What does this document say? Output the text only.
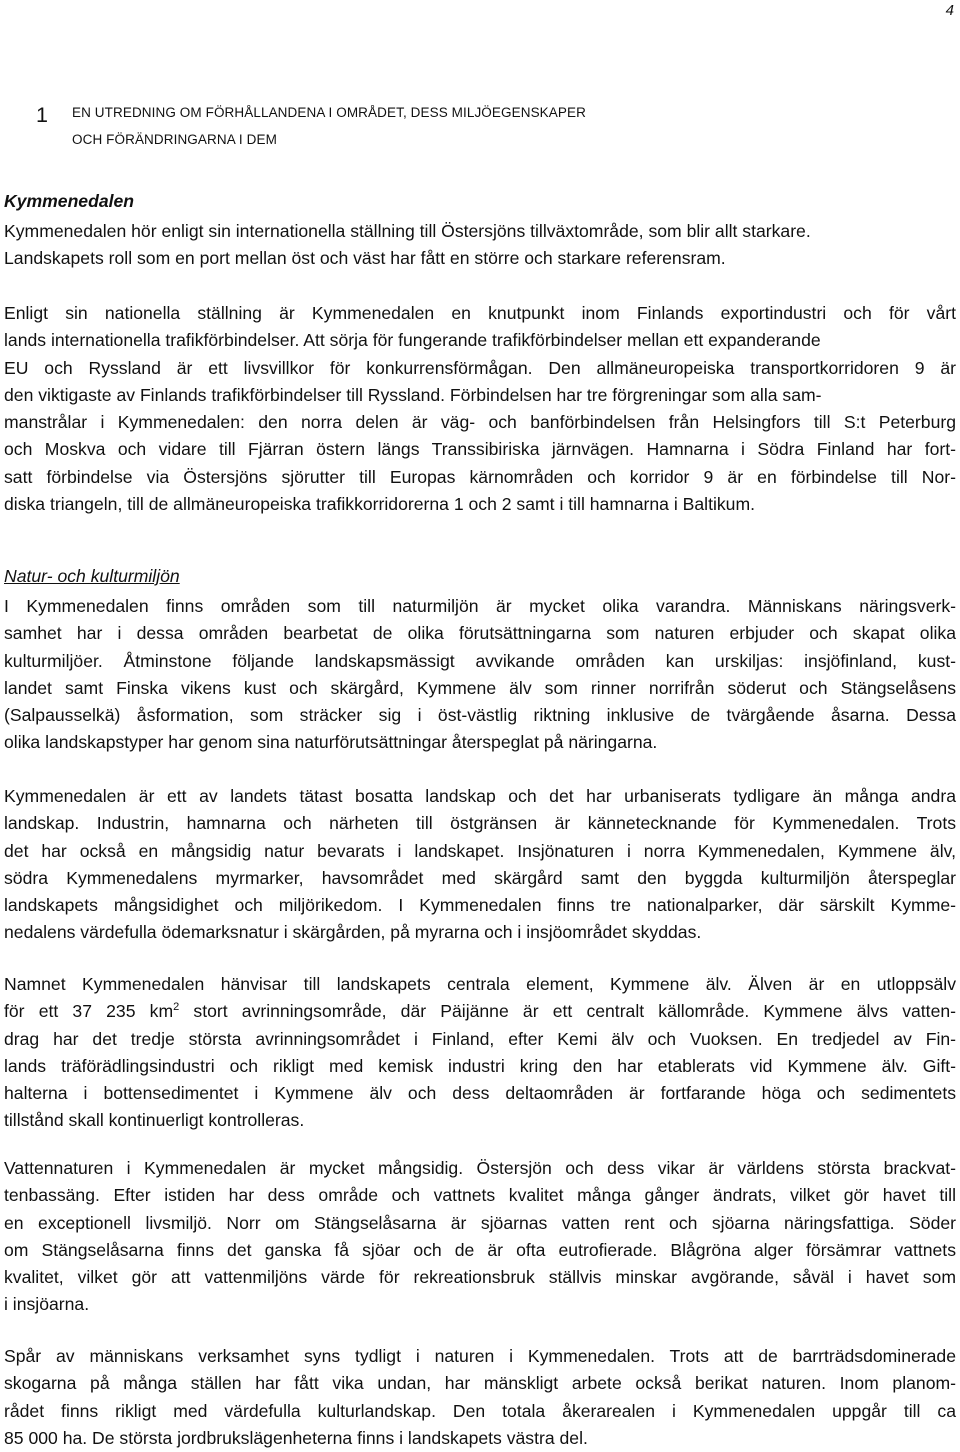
4
1	EN UTREDNING OM FÖRHÅLLANDENA I OMRÅDET, DESS MILJÖEGENSKAPER
OCH FÖRÄNDRINGARNA I DEM
Kymmenedalen
Kymmenedalen hör enligt sin internationella ställning till Östersjöns tillväxtområde, som blir allt starkare.
Landskapets roll som en port mellan öst och väst har fått en större och starkare referensram.
Enligt sin nationella ställning är Kymmenedalen en knutpunkt inom Finlands exportindustri och för vårt
lands internationella trafikförbindelser. Att sörja för fungerande trafikförbindelser mellan ett expanderande
EU och Ryssland är ett livsvillkor för konkurrensförmågan. Den allmäneuropeiska transportkorridoren 9 är
den viktigaste av Finlands trafikförbindelser till Ryssland. Förbindelsen har tre förgreningar som alla sam-
manstrålar i Kymmenedalen: den norra delen är väg- och banförbindelsen från Helsingfors till S:t Peterburg
och Moskva och vidare till Fjärran östern längs Transsibiriska järnvägen. Hamnarna i Södra Finland har fort-
satt förbindelse via Östersjöns sjörutter till Europas kärnområden och korridor 9 är en förbindelse till Nor-
diska triangeln, till de allmäneuropeiska trafikkorridorerna 1 och 2 samt i till hamnarna i Baltikum.
Natur- och kulturmiljön
I Kymmenedalen finns områden som till naturmiljön är mycket olika varandra. Människans näringsverk-
samhet har i dessa områden bearbetat de olika förutsättningarna som naturen erbjuder och skapat olika
kulturmiljöer. Åtminstone följande landskapsmässigt avvikande områden kan urskiljas: insjöfinland, kust-
landet samt Finska vikens kust och skärgård, Kymmene älv som rinner norrifrån söderut och Stängselåsens
(Salpausselkä) åsformation, som sträcker sig i öst-västlig riktning inklusive de tvärgående åsarna. Dessa
olika landskapstyper har genom sina naturförutsättningar återspeglat på näringarna.
Kymmenedalen är ett av landets tätast bosatta landskap och det har urbaniserats tydligare än många andra
landskap. Industrin, hamnarna och närheten till östgränsen är kännetecknande för Kymmenedalen. Trots
det har också en mångsidig natur bevarats i landskapet. Insjönaturen i norra Kymmenedalen, Kymmene älv,
södra Kymmenedalens myrmarker, havsområdet med skärgård samt den byggda kulturmiljön återspeglar
landskapets mångsidighet och miljörikedom. I Kymmenedalen finns tre nationalparker, där särskilt Kymme-
nedalens värdefulla ödemarksnatur i skärgården, på myrarna och i insjöområdet skyddas.
Namnet Kymmenedalen hänvisar till landskapets centrala element, Kymmene älv. Älven är en utloppsälv
för ett 37 235 $km^2$ stort avrinningsområde, där Päijänne är ett centralt källområde. Kymmene älvs vatten-
drag har det tredje största avrinningsområdet i Finland, efter Kemi älv och Vuoksen. En tredjedel av Fin-
lands träförädlingsindustri och rikligt med kemisk industri kring den har etablerats vid Kymmene älv. Gift-
halterna i bottensedimentet i Kymmene älv och dess deltaområden är fortfarande höga och sedimentets
tillstånd skall kontinuerligt kontrolleras.
Vattennaturen i Kymmenedalen är mycket mångsidig. Östersjön och dess vikar är världens största brackvat-
tenbassäng. Efter istiden har dess område och vattnets kvalitet många gånger ändrats, vilket gör havet till
en exceptionell livsmiljö. Norr om Stängselåsarna är sjöarnas vatten rent och sjöarna näringsfattiga. Söder
om Stängselåsarna finns det ganska få sjöar och de är ofta eutrofierade. Blågröna alger försämrar vattnets
kvalitet, vilket gör att vattenmiljöns värde för rekreationsbruk ställvis minskar avgörande, såväl i havet som
i insjöarna.
Spår av människans verksamhet syns tydligt i naturen i Kymmenedalen. Trots att de barrträdsdominerade
skogarna på många ställen har fått vika undan, har mänskligt arbete också berikat naturen. Inom planom-
rådet finns rikligt med värdefulla kulturlandskap. Den totala åkerarealen i Kymmenedalen uppgår till ca
85 000 ha. De största jordbrukslägenheterna finns i landskapets västra del.
